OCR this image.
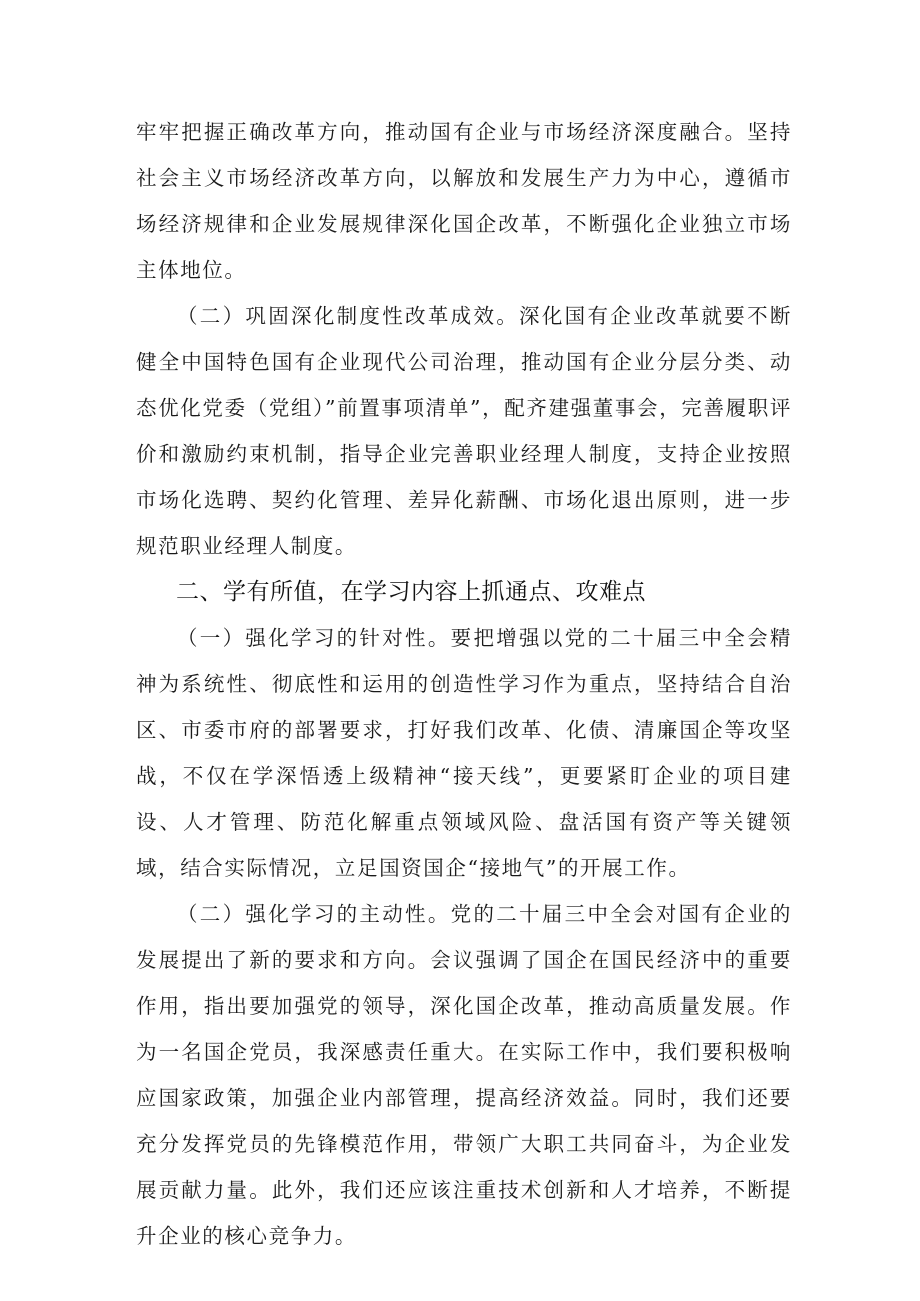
牢牢把握正确改革方向，推动国有企业与市场经济深度融合。坚持社会主义市场经济改革方向，以解放和发展生产力为中心，遵循市场经济规律和企业发展规律深化国企改革，不断强化企业独立市场主体地位。

（二）巩固深化制度性改革成效。深化国有企业改革就要不断健全中国特色国有企业现代公司治理，推动国有企业分层分类、动态优化党委（党组）”前置事项清单”，配齐建强董事会，完善履职评价和激励约束机制，指导企业完善职业经理人制度，支持企业按照市场化选聘、契约化管理、差异化薪酬、市场化退出原则，进一步规范职业经理人制度。

二、学有所值，在学习内容上抓通点、攻难点

（一）强化学习的针对性。要把增强以党的二十届三中全会精神为系统性、彻底性和运用的创造性学习作为重点，坚持结合自治区、市委市府的部署要求，打好我们改革、化债、清廉国企等攻坚战，不仅在学深悟透上级精神“接天线”，更要紧盯企业的项目建设、人才管理、防范化解重点领域风险、盘活国有资产等关键领域，结合实际情况，立足国资国企“接地气”的开展工作。

（二）强化学习的主动性。党的二十届三中全会对国有企业的发展提出了新的要求和方向。会议强调了国企在国民经济中的重要作用，指出要加强党的领导，深化国企改革，推动高质量发展。作为一名国企党员，我深感责任重大。在实际工作中，我们要积极响应国家政策，加强企业内部管理，提高经济效益。同时，我们还要充分发挥党员的先锋模范作用，带领广大职工共同奋斗，为企业发展贡献力量。此外，我们还应该注重技术创新和人才培养，不断提升企业的核心竞争力。
